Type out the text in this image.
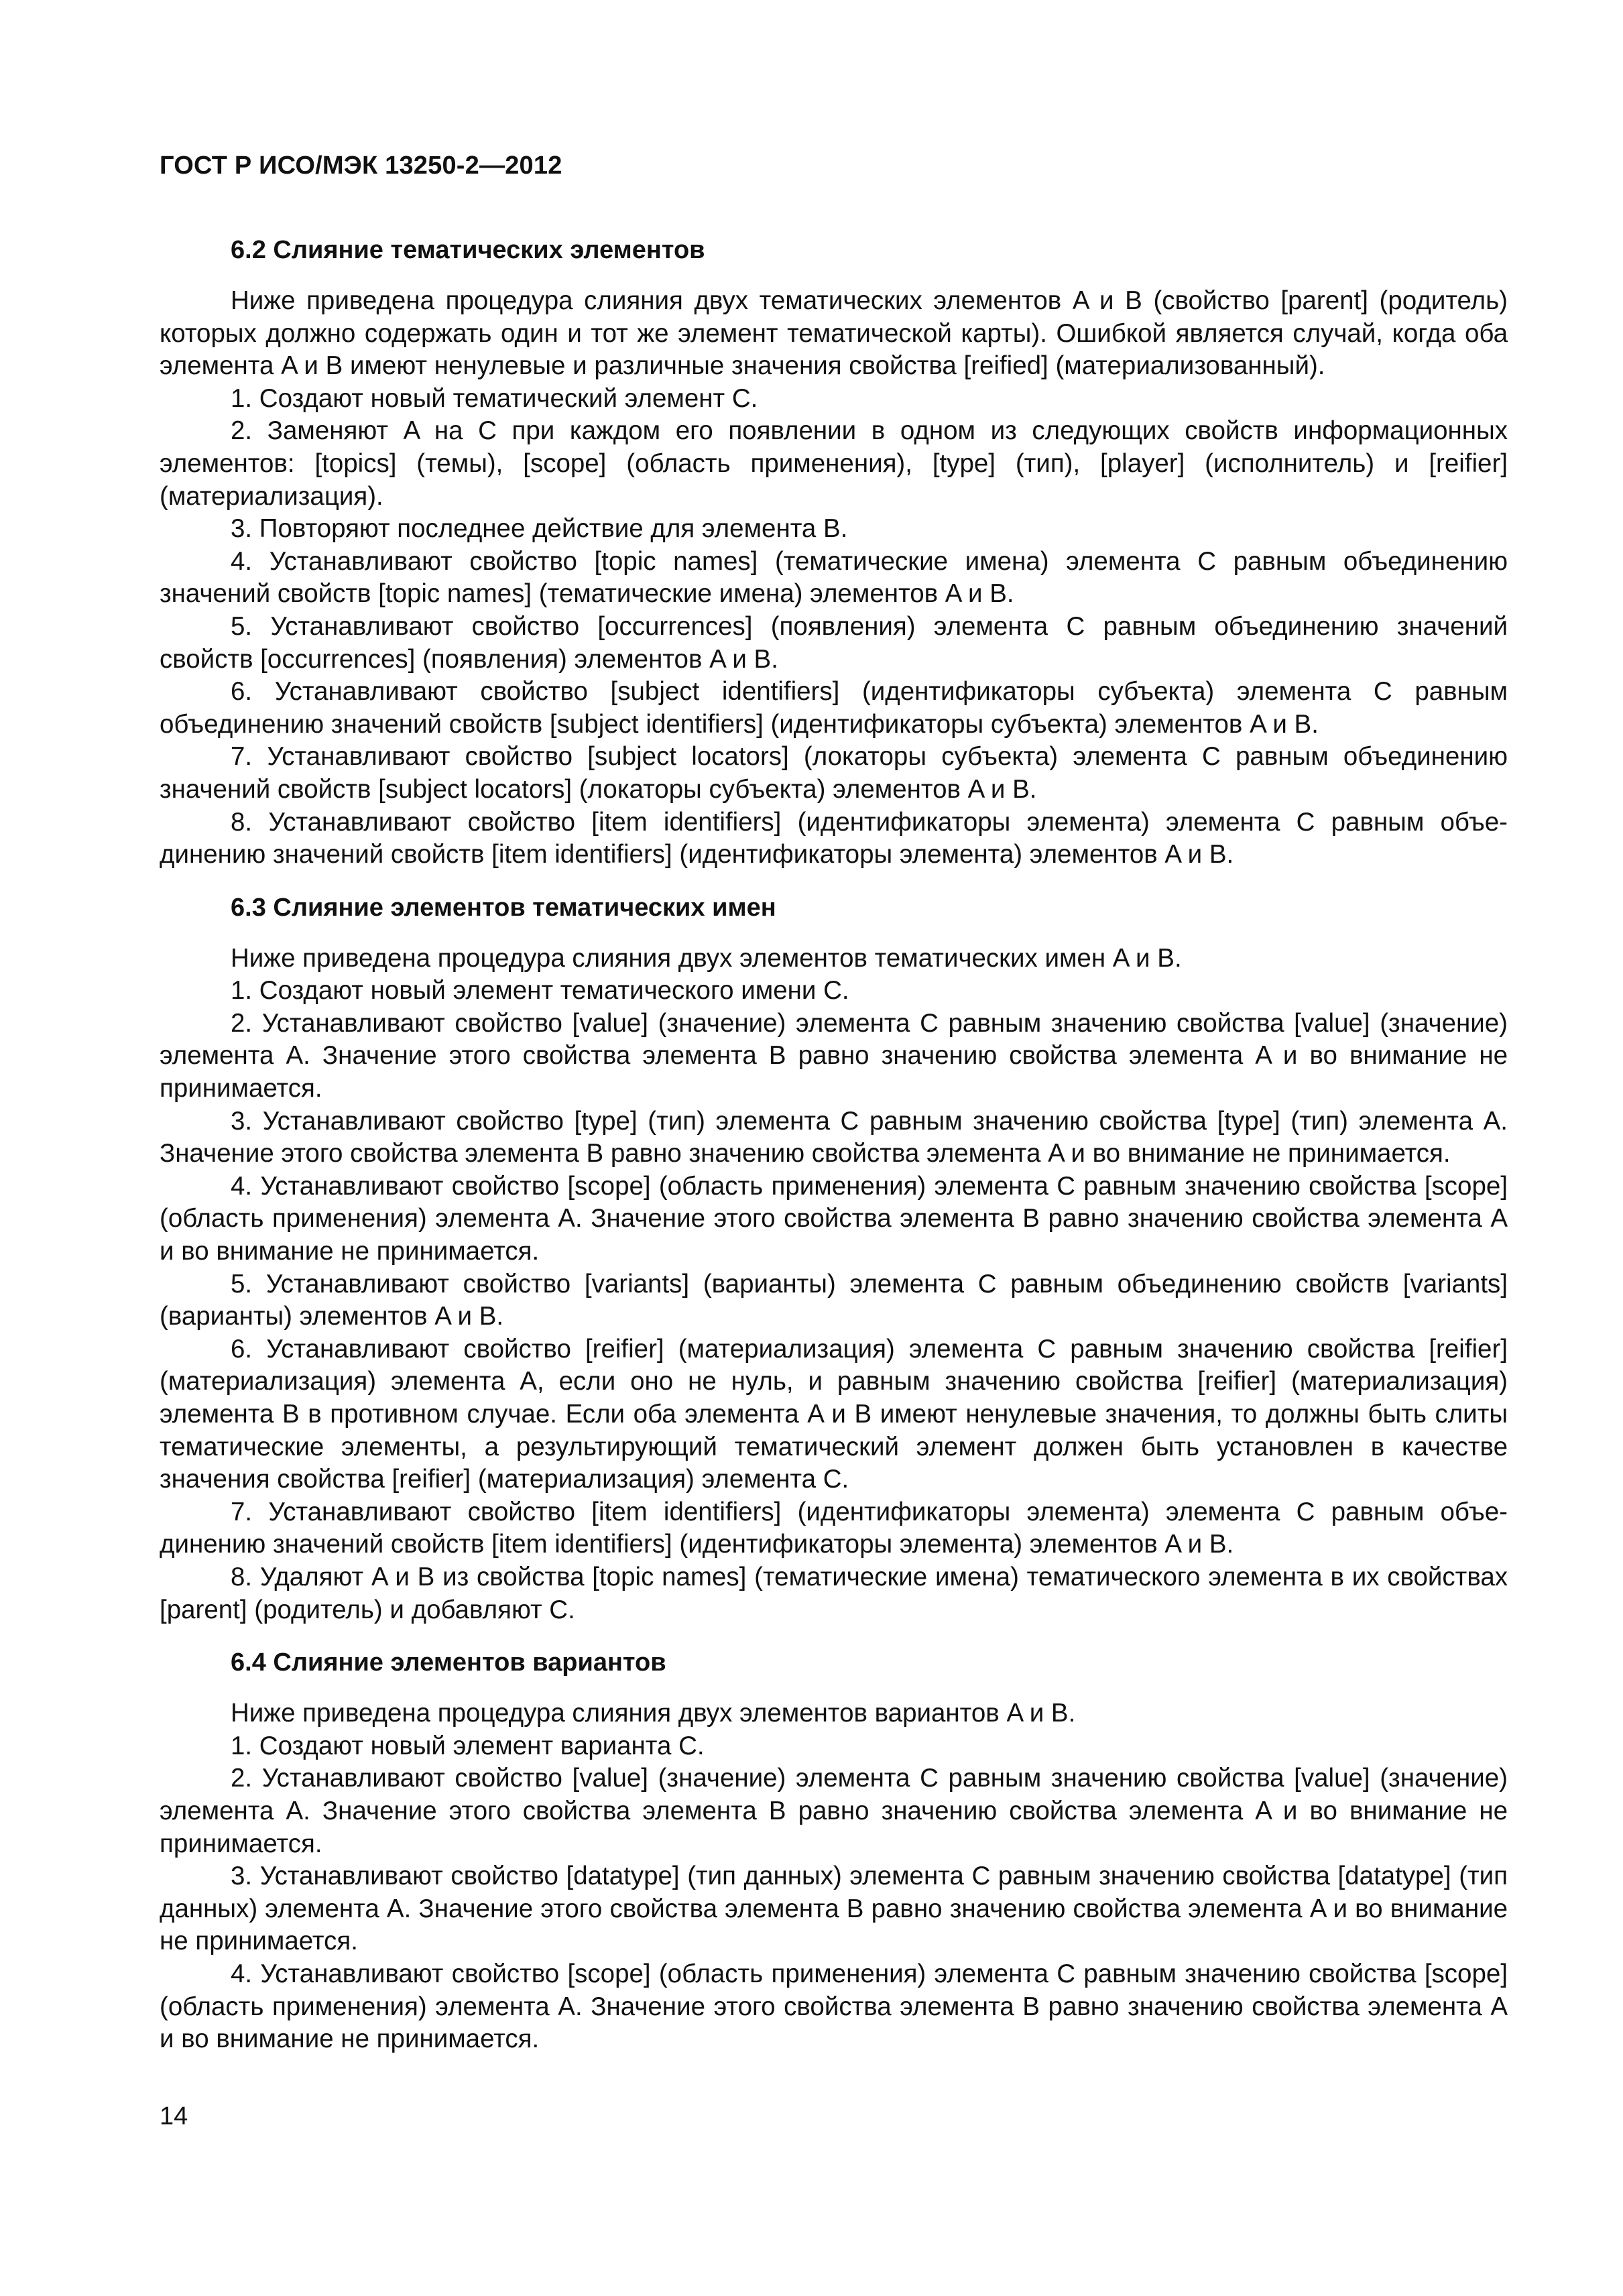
ГОСТ Р ИСО/МЭК 13250-2—2012
6.2 Слияние тематических элементов

Ниже приведена процедура слияния двух тематических элементов A и B (свойство [parent] (родитель) которых должно содержать один и тот же элемент тематической карты). Ошибкой является случай, когда оба элемента A и B имеют ненулевые и различные значения свойства [reified] (материализованный).

1. Создают новый тематический элемент C.

2. Заменяют A на C при каждом его появлении в одном из следующих свойств информационных элементов: [topics] (темы), [scope] (область применения), [type] (тип), [player] (исполнитель) и [reifier] (материализация).

3. Повторяют последнее действие для элемента B.

4. Устанавливают свойство [topic names] (тематические имена) элемента C равным объединению значений свойств [topic names] (тематические имена) элементов A и B.

5. Устанавливают свойство [occurrences] (появления) элемента C равным объединению значений свойств [occurrences] (появления) элементов A и B.

6. Устанавливают свойство [subject identifiers] (идентификаторы субъекта) элемента C равным объединению значений свойств [subject identifiers] (идентификаторы субъекта) элементов A и B.

7. Устанавливают свойство [subject locators] (локаторы субъекта) элемента C равным объединению значений свойств [subject locators] (локаторы субъекта) элементов A и B.

8. Устанавливают свойство [item identifiers] (идентификаторы элемента) элемента C равным объединению значений свойств [item identifiers] (идентификаторы элемента) элементов A и B.

6.3 Слияние элементов тематических имен

Ниже приведена процедура слияния двух элементов тематических имен A и B.

1. Создают новый элемент тематического имени C.

2. Устанавливают свойство [value] (значение) элемента C равным значению свойства [value] (значение) элемента A. Значение этого свойства элемента B равно значению свойства элемента A и во внимание не принимается.

3. Устанавливают свойство [type] (тип) элемента C равным значению свойства [type] (тип) элемента A. Значение этого свойства элемента B равно значению свойства элемента A и во внимание не принимается.

4. Устанавливают свойство [scope] (область применения) элемента C равным значению свойства [scope] (область применения) элемента A. Значение этого свойства элемента B равно значению свойства элемента A и во внимание не принимается.

5. Устанавливают свойство [variants] (варианты) элемента C равным объединению свойств [variants] (варианты) элементов A и B.

6. Устанавливают свойство [reifier] (материализация) элемента C равным значению свойства [reifier] (материализация) элемента A, если оно не нуль, и равным значению свойства [reifier] (материализация) элемента B в противном случае. Если оба элемента A и B имеют ненулевые значения, то должны быть слиты тематические элементы, а результирующий тематический элемент должен быть установлен в качестве значения свойства [reifier] (материализация) элемента C.

7. Устанавливают свойство [item identifiers] (идентификаторы элемента) элемента C равным объединению значений свойств [item identifiers] (идентификаторы элемента) элементов A и B.

8. Удаляют A и B из свойства [topic names] (тематические имена) тематического элемента в их свойствах [parent] (родитель) и добавляют C.

6.4 Слияние элементов вариантов

Ниже приведена процедура слияния двух элементов вариантов A и B.

1. Создают новый элемент варианта C.

2. Устанавливают свойство [value] (значение) элемента C равным значению свойства [value] (значение) элемента A. Значение этого свойства элемента B равно значению свойства элемента A и во внимание не принимается.

3. Устанавливают свойство [datatype] (тип данных) элемента C равным значению свойства [datatype] (тип данных) элемента A. Значение этого свойства элемента B равно значению свойства элемента A и во внимание не принимается.

4. Устанавливают свойство [scope] (область применения) элемента C равным значению свойства [scope] (область применения) элемента A. Значение этого свойства элемента B равно значению свойства элемента A и во внимание не принимается.

14
